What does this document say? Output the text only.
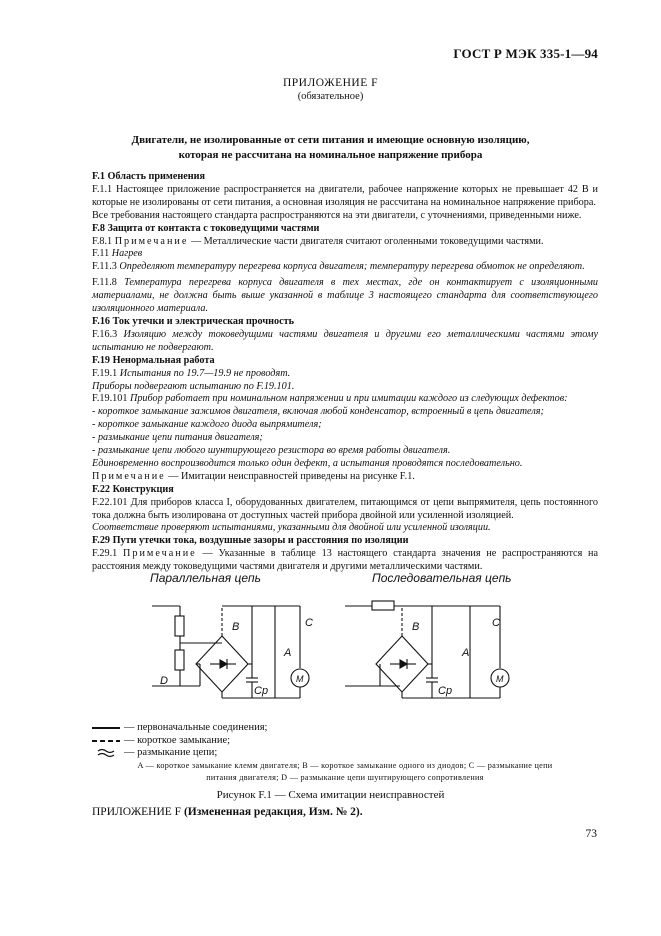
ГОСТ Р МЭК 335-1—94
ПРИЛОЖЕНИЕ F
(обязательное)
Двигатели, не изолированные от сети питания и имеющие основную изоляцию,
которая не рассчитана на номинальное напряжение прибора

F.1 Область применения

F.1.1 Настоящее приложение распространяется на двигатели, рабочее напряжение которых не превышает 42 В и которые не изолированы от сети питания, а основная изоляция не рассчитана на номинальное напряжение прибора.

Все требования настоящего стандарта распространяются на эти двигатели, с уточнениями, приведенными ниже.

F.8 Защита от контакта с токоведущими частями

F.8.1 Примечание — Металлические части двигателя считают оголенными токоведущими частями.

F.11 Нагрев

F.11.3 Определяют температуру перегрева корпуса двигателя; температуру перегрева обмоток не определяют.

F.11.8 Температура перегрева корпуса двигателя в тех местах, где он контактирует с изоляционными материалами, не должна быть выше указанной в таблице 3 настоящего стандарта для соответствующего изоляционного материала.

F.16 Ток утечки и электрическая прочность

F.16.3 Изоляцию между токоведущими частями двигателя и другими его металлическими частями этому испытанию не подвергают.

F.19 Ненормальная работа

F.19.1 Испытания по 19.7—19.9 не проводят.

Приборы подвергают испытанию по F.19.101.

F.19.101 Прибор работает при номинальном напряжении и при имитации каждого из следующих дефектов:

- короткое замыкание зажимов двигателя, включая любой конденсатор, встроенный в цепь двигателя;

- короткое замыкание каждого диода выпрямителя;

- размыкание цепи питания двигателя;

- размыкание цепи любого шунтирующего резистора во время работы двигателя.

Единовременно воспроизводится только один дефект, а испытания проводятся последовательно.

Примечание — Имитации неисправностей приведены на рисунке F.1.

F.22 Конструкция

F.22.101 Для приборов класса I, оборудованных двигателем, питающимся от цепи выпрямителя, цепь постоянного тока должна быть изолирована от доступных частей прибора двойной или усиленной изоляцией.

Соответствие проверяют испытаниями, указанными для двойной или усиленной изоляции.

F.29 Пути утечки тока, воздушные зазоры и расстояния по изоляции

F.29.1 Примечание — Указанные в таблице 13 настоящего стандарта значения не распространяются на расстояния между токоведущими частями двигателя и другими металлическими частями.

Параллельная цепь	Последовательная цепь
B	C
A
D
Cр
M
B	C
A
Cр
M
— первоначальные соединения;
— короткое замыкание;
— размыкание цепи;
A — короткое замыкание клемм двигателя; B — короткое замыкание одного из диодов; C — размыкание цепи
питания двигателя; D — размыкание цепи шунтирующего сопротивления
Рисунок F.1 — Схема имитации неисправностей
ПРИЛОЖЕНИЕ F (Измененная редакция, Изм. № 2).
73
